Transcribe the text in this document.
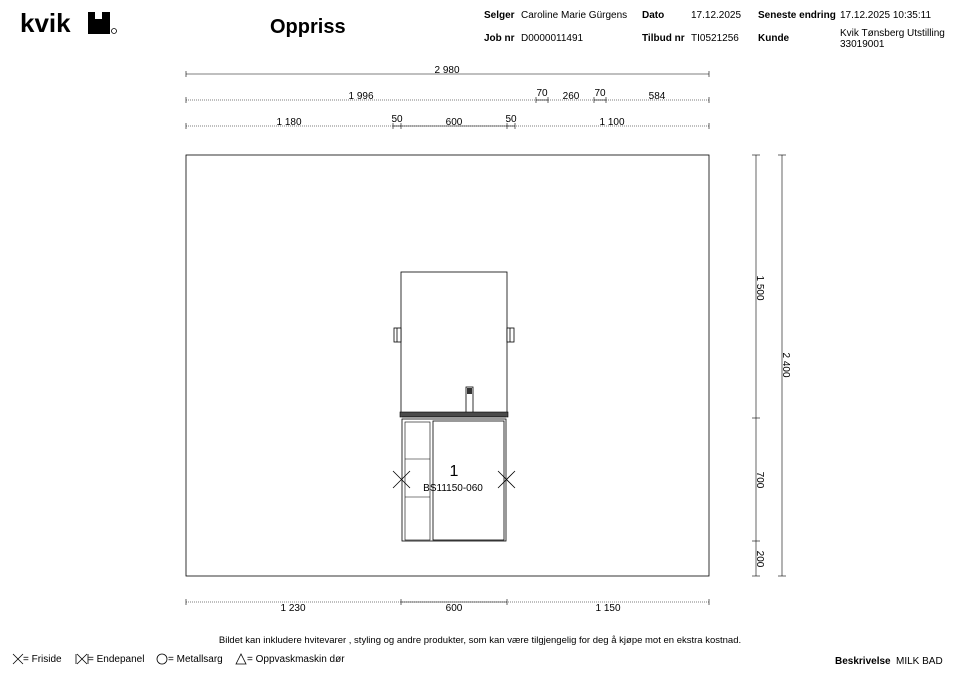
kvik	Oppriss
Selger Caroline Marie Gürgens
Job nr D0000011491
Dato	17.12.2025
Tilbud nr TI0521256
Seneste endring 17.12.2025 10:35:11
Kunde	Kvik Tønsberg Utstilling
33019001
2 980
1 996	70 260 70	584
1 180	50	600	50	1 100
1
BS11150-060
1 500
700
200
2 400
1 230	600	1 150
Bildet kan inkludere hvitevarer , styling og andre produkter, som kan være tilgjengelig for deg å kjøpe mot en ekstra kostnad.
= Friside	= Endepanel = Metallsarg = Oppvaskmaskin dør	Beskrivelse MILK BAD
